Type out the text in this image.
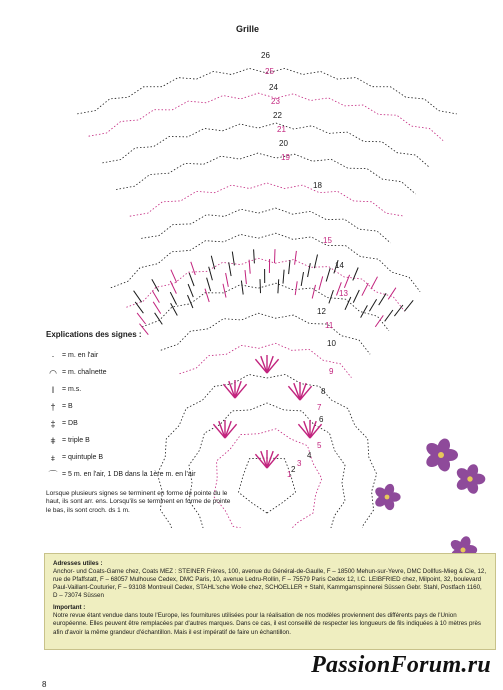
Grille
26
25
24
23
22
21
20
19
18
15
14
13
12
11
10
9
8
7
6
5
4
3
2
1
Explications des signes :
·	= m. en l'air
◠ = m. chaînette
I	= m.s.
† = B
‡ = DB
ǂ = triple B
⧧ = quintuple B
⌒ = 5 m. en l'air, 1 DB dans la 1ère m. en l'air
Lorsque plusieurs signes se terminent en forme de pointe du le haut, ils sont arr. ens. Lorsqu'ils se terminent en forme de pointe le bas, ils sont croch. ds 1 m.
Adresses utiles :
Anchor- und Coats-Garne chez, Coats MEZ : STEINER Frères, 100, avenue du Général-de-Gaulle, F – 18500 Mehun-sur-Yevre, DMC Dollfus-Mieg & Cie, 12, rue de Pfaffstatt, F – 68057 Mulhouse Cedex, DMC Paris, 10, avenue Ledru-Rollin, F – 75579 Paris Cedex 12, I.C. LEIBFRIED chez, Milpoint, 32, boulevard Paul-Vaillant-Couturier, F – 93108 Montreuil Cedex, STAHL'sche Wolle chez, SCHOELLER + Stahl, Kammgarnspinnerei Süssen Gebr. Stahl, Postfach 1160, D – 73074 Süssen
Important :
Notre revue étant vendue dans toute l'Europe, les fournitures utilisées pour la réalisation de nos modèles proviennent des différents pays de l'Union européenne. Elles peuvent être remplacées par d'autres marques. Dans ce cas, il est conseillé de respecter les longueurs de fils indiquées à 10 mètres près afin d'avoir la même grandeur d'échantillon. Mais il est impératif de faire un échantillon.
8
PassionForum.ru
